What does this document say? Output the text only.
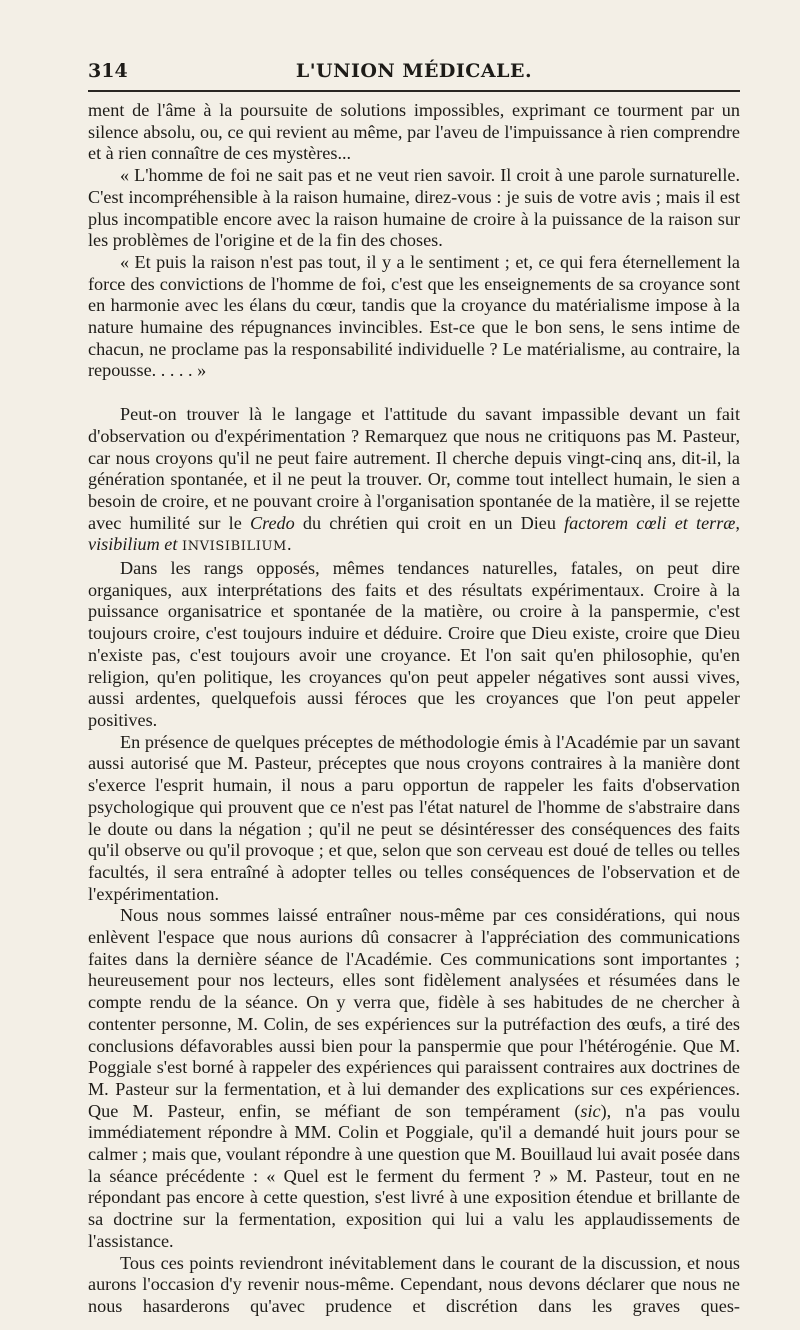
314	L'UNION MÉDICALE.

ment de l'âme à la poursuite de solutions impossibles, exprimant ce tourment par un silence absolu, ou, ce qui revient au même, par l'aveu de l'impuissance à rien comprendre et à rien connaître de ces mystères...

« L'homme de foi ne sait pas et ne veut rien savoir. Il croit à une parole surnaturelle. C'est incompréhensible à la raison humaine, direz-vous : je suis de votre avis ; mais il est plus incompatible encore avec la raison humaine de croire à la puissance de la raison sur les problèmes de l'origine et de la fin des choses.

« Et puis la raison n'est pas tout, il y a le sentiment ; et, ce qui fera éternellement la force des convictions de l'homme de foi, c'est que les enseignements de sa croyance sont en harmonie avec les élans du cœur, tandis que la croyance du matérialisme impose à la nature humaine des répugnances invincibles. Est-ce que le bon sens, le sens intime de chacun, ne proclame pas la responsabilité individuelle ? Le matérialisme, au contraire, la repousse. . . . . »

Peut-on trouver là le langage et l'attitude du savant impassible devant un fait d'observation ou d'expérimentation ? Remarquez que nous ne critiquons pas M. Pasteur, car nous croyons qu'il ne peut faire autrement. Il cherche depuis vingt-cinq ans, dit-il, la génération spontanée, et il ne peut la trouver. Or, comme tout intellect humain, le sien a besoin de croire, et ne pouvant croire à l'organisation spontanée de la matière, il se rejette avec humilité sur le Credo du chrétien qui croit en un Dieu factorem cœli et terræ, visibilium et INVISIBILIUM.

Dans les rangs opposés, mêmes tendances naturelles, fatales, on peut dire organiques, aux interprétations des faits et des résultats expérimentaux. Croire à la puissance organisatrice et spontanée de la matière, ou croire à la panspermie, c'est toujours croire, c'est toujours induire et déduire. Croire que Dieu existe, croire que Dieu n'existe pas, c'est toujours avoir une croyance. Et l'on sait qu'en philosophie, qu'en religion, qu'en politique, les croyances qu'on peut appeler négatives sont aussi vives, aussi ardentes, quelquefois aussi féroces que les croyances que l'on peut appeler positives.

En présence de quelques préceptes de méthodologie émis à l'Académie par un savant aussi autorisé que M. Pasteur, préceptes que nous croyons contraires à la manière dont s'exerce l'esprit humain, il nous a paru opportun de rappeler les faits d'observation psychologique qui prouvent que ce n'est pas l'état naturel de l'homme de s'abstraire dans le doute ou dans la négation ; qu'il ne peut se désintéresser des conséquences des faits qu'il observe ou qu'il provoque ; et que, selon que son cerveau est doué de telles ou telles facultés, il sera entraîné à adopter telles ou telles conséquences de l'observation et de l'expérimentation.

Nous nous sommes laissé entraîner nous-même par ces considérations, qui nous enlèvent l'espace que nous aurions dû consacrer à l'appréciation des communications faites dans la dernière séance de l'Académie. Ces communications sont importantes ; heureusement pour nos lecteurs, elles sont fidèlement analysées et résumées dans le compte rendu de la séance. On y verra que, fidèle à ses habitudes de ne chercher à contenter personne, M. Colin, de ses expériences sur la putréfaction des œufs, a tiré des conclusions défavorables aussi bien pour la panspermie que pour l'hétérogénie. Que M. Poggiale s'est borné à rappeler des expériences qui paraissent contraires aux doctrines de M. Pasteur sur la fermentation, et à lui demander des explications sur ces expériences. Que M. Pasteur, enfin, se méfiant de son tempérament (sic), n'a pas voulu immédiatement répondre à MM. Colin et Poggiale, qu'il a demandé huit jours pour se calmer ; mais que, voulant répondre à une question que M. Bouillaud lui avait posée dans la séance précédente : « Quel est le ferment du ferment ? » M. Pasteur, tout en ne répondant pas encore à cette question, s'est livré à une exposition étendue et brillante de sa doctrine sur la fermentation, exposition qui lui a valu les applaudissements de l'assistance.

Tous ces points reviendront inévitablement dans le courant de la discussion, et nous aurons l'occasion d'y revenir nous-même. Cependant, nous devons déclarer que nous ne nous hasarderons qu'avec prudence et discrétion dans les graves ques-
